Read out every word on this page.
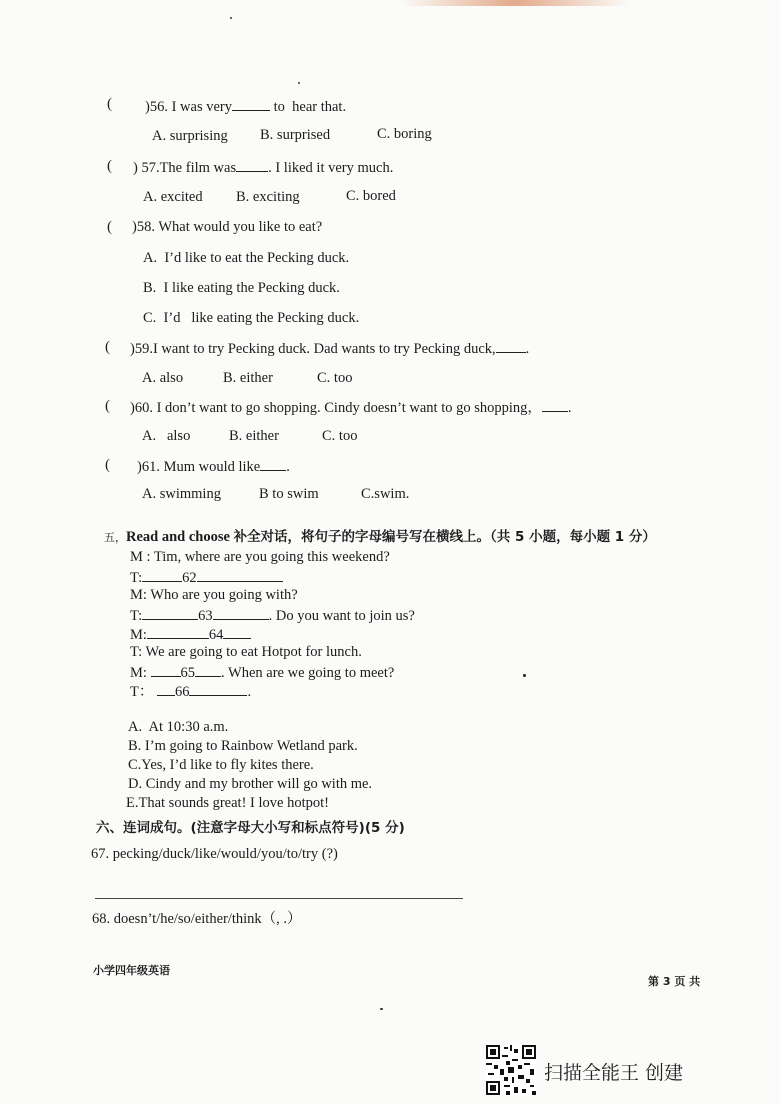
( )56. I was very	to  hear that.
A. surprising B. surprised	C. boring
( ) 57.The film was . I liked it very much.
A. excited B. exciting	C. bored
( )58. What would you like to eat?
A.  I’d like to eat the Pecking duck.
B.  I like eating the Pecking duck.
C.  I’d   like eating the Pecking duck.
( )59.I want to try Pecking duck. Dad wants to try Pecking duck, .
A. also	B. either	C. too
( )60. I don’t want to go shopping. Cindy doesn’t want to go shopping， .
A.   also	B. either	C. too
( )61. Mum would like .
A. swimming	B to swim	C.swim.
五，Read and choose 补全对话，将句子的字母编号写在横线上。（共 5 小题，每小题 1 分）
M : Tim, where are you going this weekend?
T:	62
M: Who are you going with?
T:	63	. Do you want to join us?
M:	64
T: We are going to eat Hotpot for lunch.
M: 65 . When are we going to meet?
T： 66	.
A.  At 10:30 a.m.
B. I’m going to Rainbow Wetland park.
C.Yes, I’d like to fly kites there.
D. Cindy and my brother will go with me.
E.That sounds great! I love hotpot!
六、连词成句。(注意字母大小写和标点符号)(5 分)
67. pecking/duck/like/would/you/to/try (?)
68. doesn’t/he/so/either/think（, .）
小学四年级英语
第 3 页 共
扫描全能王 创建
